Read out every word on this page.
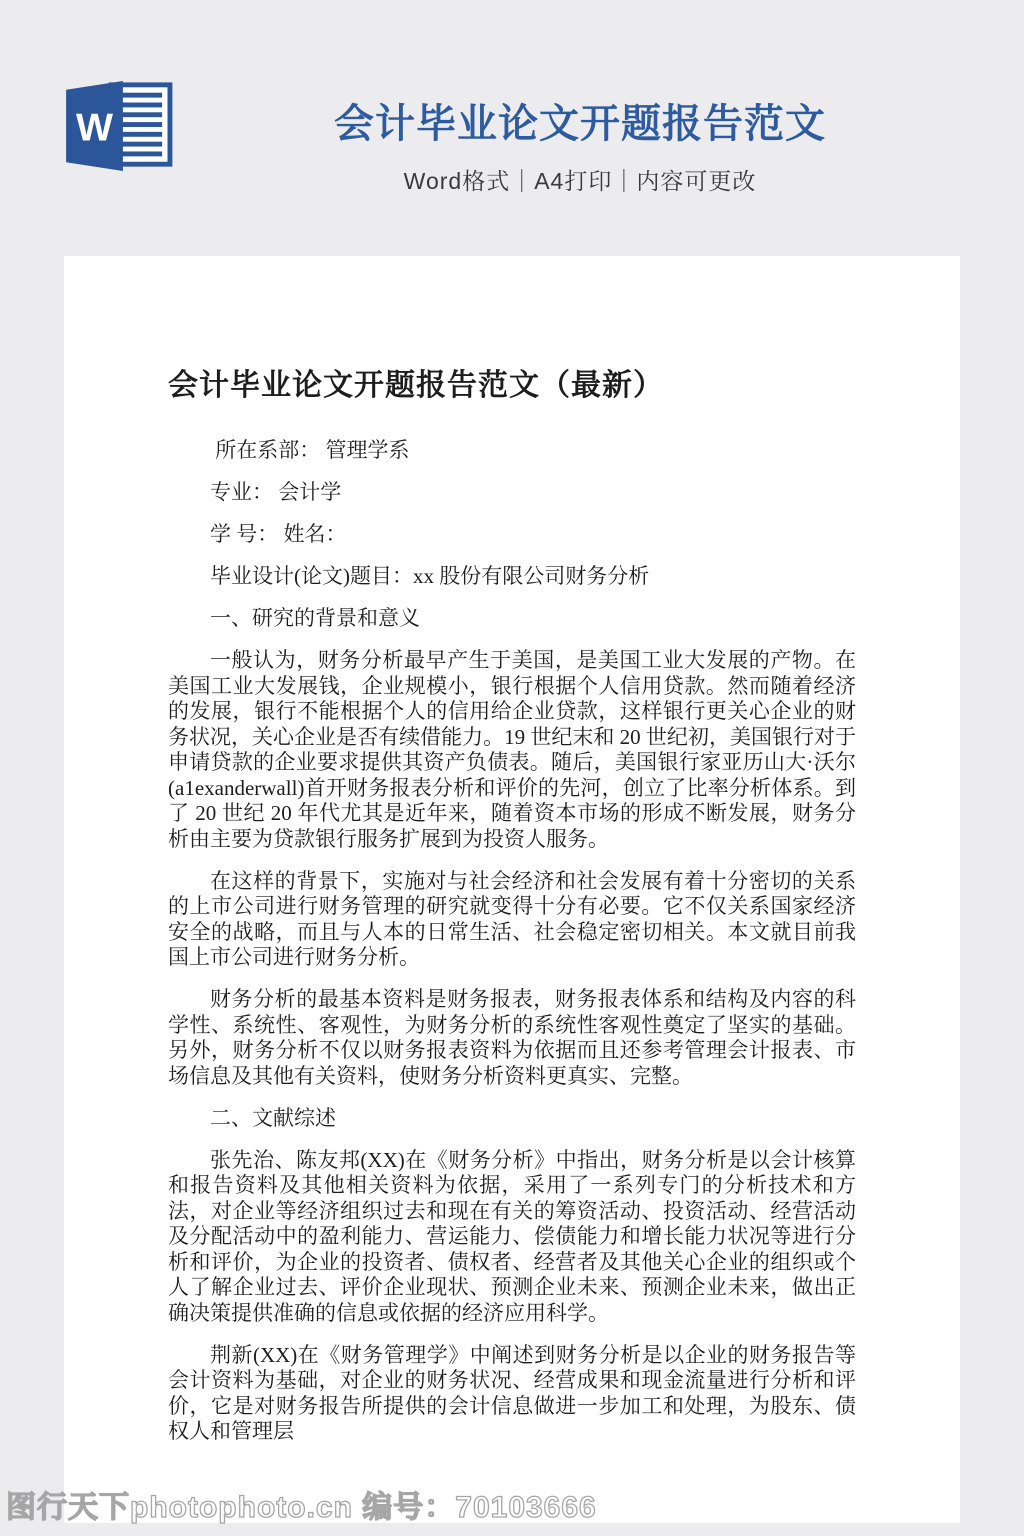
W	会计毕业论文开题报告范文
Word格式｜A4打印｜内容可更改
会计毕业论文开题报告范文（最新）
所在系部： 管理学系
专业： 会计学
学 号： 姓名：
毕业设计(论文)题目：xx 股份有限公司财务分析
一、研究的背景和意义

一般认为，财务分析最早产生于美国，是美国工业大发展的产物。在美国工业大发展钱，企业规模小，银行根据个人信用贷款。然而随着经济的发展，银行不能根据个人的信用给企业贷款，这样银行更关心企业的财务状况，关心企业是否有续借能力。19 世纪末和 20 世纪初，美国银行对于申请贷款的企业要求提供其资产负债表。随后，美国银行家亚历山大·沃尔(a1exanderwall)首开财务报表分析和评价的先河，创立了比率分析体系。到了 20 世纪 20 年代尤其是近年来，随着资本市场的形成不断发展，财务分析由主要为贷款银行服务扩展到为投资人服务。

在这样的背景下，实施对与社会经济和社会发展有着十分密切的关系的上市公司进行财务管理的研究就变得十分有必要。它不仅关系国家经济安全的战略，而且与人本的日常生活、社会稳定密切相关。本文就目前我国上市公司进行财务分析。

财务分析的最基本资料是财务报表，财务报表体系和结构及内容的科学性、系统性、客观性，为财务分析的系统性客观性奠定了坚实的基础。另外，财务分析不仅以财务报表资料为依据而且还参考管理会计报表、市场信息及其他有关资料，使财务分析资料更真实、完整。

二、文献综述

张先治、陈友邦(XX)在《财务分析》中指出，财务分析是以会计核算和报告资料及其他相关资料为依据，采用了一系列专门的分析技术和方法，对企业等经济组织过去和现在有关的筹资活动、投资活动、经营活动及分配活动中的盈利能力、营运能力、偿债能力和增长能力状况等进行分析和评价，为企业的投资者、债权者、经营者及其他关心企业的组织或个人了解企业过去、评价企业现状、预测企业未来、预测企业未来，做出正确决策提供准确的信息或依据的经济应用科学。

荆新(XX)在《财务管理学》中阐述到财务分析是以企业的财务报告等会计资料为基础，对企业的财务状况、经营成果和现金流量进行分析和评价，它是对财务报告所提供的会计信息做进一步加工和处理，为股东、债权人和管理层

图行天下photophoto.cn 编号：70103666
